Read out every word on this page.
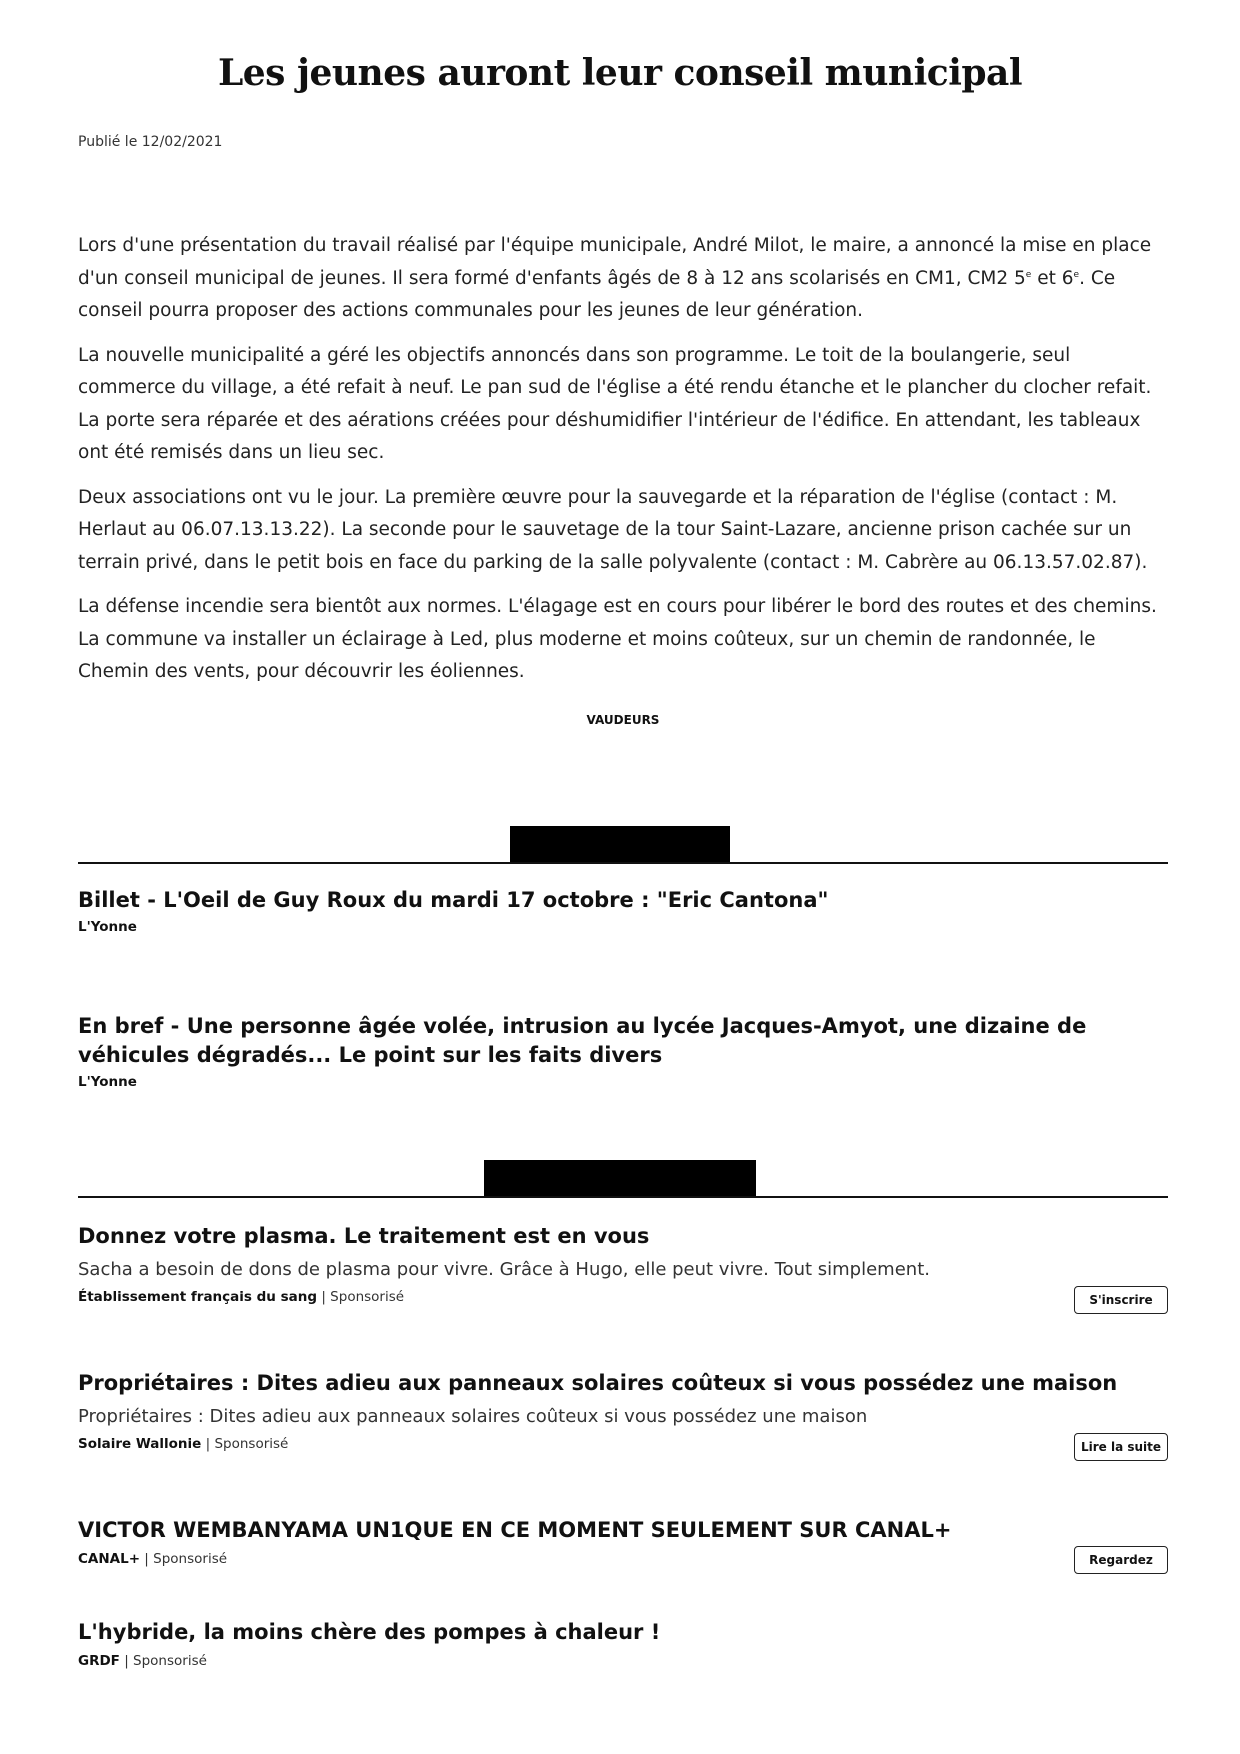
Les jeunes auront leur conseil municipal
Publié le 12/02/2021

Lors d'une présentation du travail réalisé par l'équipe municipale, André Milot, le maire, a annoncé la mise en place d'un conseil municipal de jeunes. Il sera formé d'enfants âgés de 8 à 12 ans scolarisés en CM1, CM2 5e et 6e. Ce conseil pourra proposer des actions communales pour les jeunes de leur génération.

La nouvelle municipalité a géré les objectifs annoncés dans son programme. Le toit de la boulangerie, seul commerce du village, a été refait à neuf. Le pan sud de l'église a été rendu étanche et le plancher du clocher refait. La porte sera réparée et des aérations créées pour déshumidifier l'intérieur de l'édifice. En attendant, les tableaux ont été remisés dans un lieu sec.

Deux associations ont vu le jour. La première œuvre pour la sauvegarde et la réparation de l'église (contact : M. Herlaut au 06.07.13.13.22). La seconde pour le sauvetage de la tour Saint-Lazare, ancienne prison cachée sur un terrain privé, dans le petit bois en face du parking de la salle polyvalente (contact : M. Cabrère au 06.13.57.02.87).

La défense incendie sera bientôt aux normes. L'élagage est en cours pour libérer le bord des routes et des chemins. La commune va installer un éclairage à Led, plus moderne et moins coûteux, sur un chemin de randonnée, le Chemin des vents, pour découvrir les éoliennes.

VAUDEURS
Billet - L'Oeil de Guy Roux du mardi 17 octobre : "Eric Cantona"
L'Yonne
En bref - Une personne âgée volée, intrusion au lycée Jacques-Amyot, une dizaine de véhicules dégradés... Le point sur les faits divers
L'Yonne
Donnez votre plasma. Le traitement est en vous
Sacha a besoin de dons de plasma pour vivre. Grâce à Hugo, elle peut vivre. Tout simplement.
Établissement français du sang | Sponsorisé	S'inscrire
Propriétaires : Dites adieu aux panneaux solaires coûteux si vous possédez une maison
Propriétaires : Dites adieu aux panneaux solaires coûteux si vous possédez une maison
Solaire Wallonie | Sponsorisé	Lire la suite
VICTOR WEMBANYAMA UN1QUE EN CE MOMENT SEULEMENT SUR CANAL+
CANAL+ | Sponsorisé	Regardez
L'hybride, la moins chère des pompes à chaleur !
GRDF | Sponsorisé
